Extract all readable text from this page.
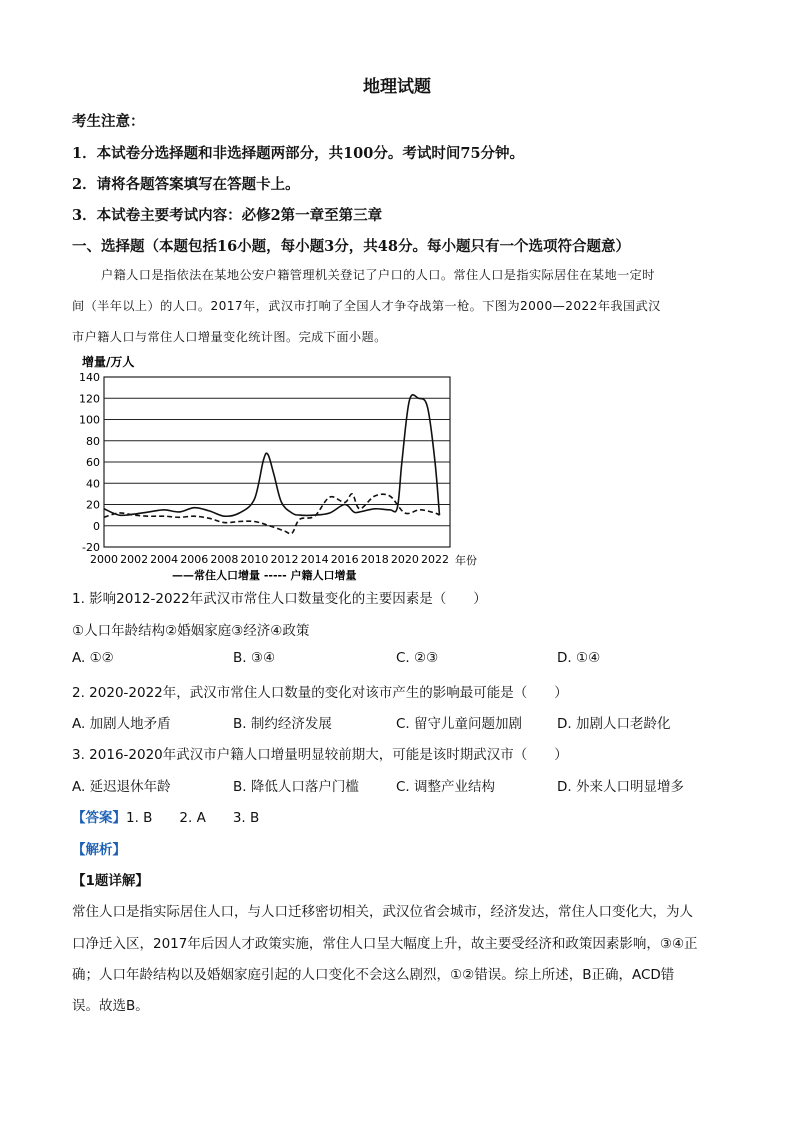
地理试题
考生注意：
1．本试卷分选择题和非选择题两部分，共100分。考试时间75分钟。
2．请将各题答案填写在答题卡上。
3．本试卷主要考试内容：必修2第一章至第三章
一、选择题（本题包括16小题，每小题3分，共48分。每小题只有一个选项符合题意）
户籍人口是指依法在某地公安户籍管理机关登记了户口的人口。常住人口是指实际居住在某地一定时
间（半年以上）的人口。2017年，武汉市打响了全国人才争夺战第一枪。下图为2000—2022年我国武汉
市户籍人口与常住人口增量变化统计图。完成下面小题。
增量/万人
140
120
100
80
60
40
20
0
-20
2000 2002 2004 2006 2008 2010 2012 2014 2016 2018 2020 2022 年份
——常住人口增量 ----- 户籍人口增量
1. 影响2012-2022年武汉市常住人口数量变化的主要因素是（　　）
①人口年龄结构②婚姻家庭③经济④政策
A. ①②	B. ③④	C. ②③	D. ①④
2. 2020-2022年，武汉市常住人口数量的变化对该市产生的影响最可能是（　　）
A. 加剧人地矛盾	B. 制约经济发展	C. 留守儿童问题加剧	D. 加剧人口老龄化
3. 2016-2020年武汉市户籍人口增量明显较前期大，可能是该时期武汉市（　　）
A. 延迟退休年龄	B. 降低人口落户门槛	C. 调整产业结构	D. 外来人口明显增多
【答案】1. B　　2. A　　3. B
【解析】
【1题详解】
常住人口是指实际居住人口，与人口迁移密切相关，武汉位省会城市，经济发达，常住人口变化大，为人
口净迁入区，2017年后因人才政策实施，常住人口呈大幅度上升，故主要受经济和政策因素影响，③④正
确；人口年龄结构以及婚姻家庭引起的人口变化不会这么剧烈，①②错误。综上所述，B正确，ACD错
误。故选B。
